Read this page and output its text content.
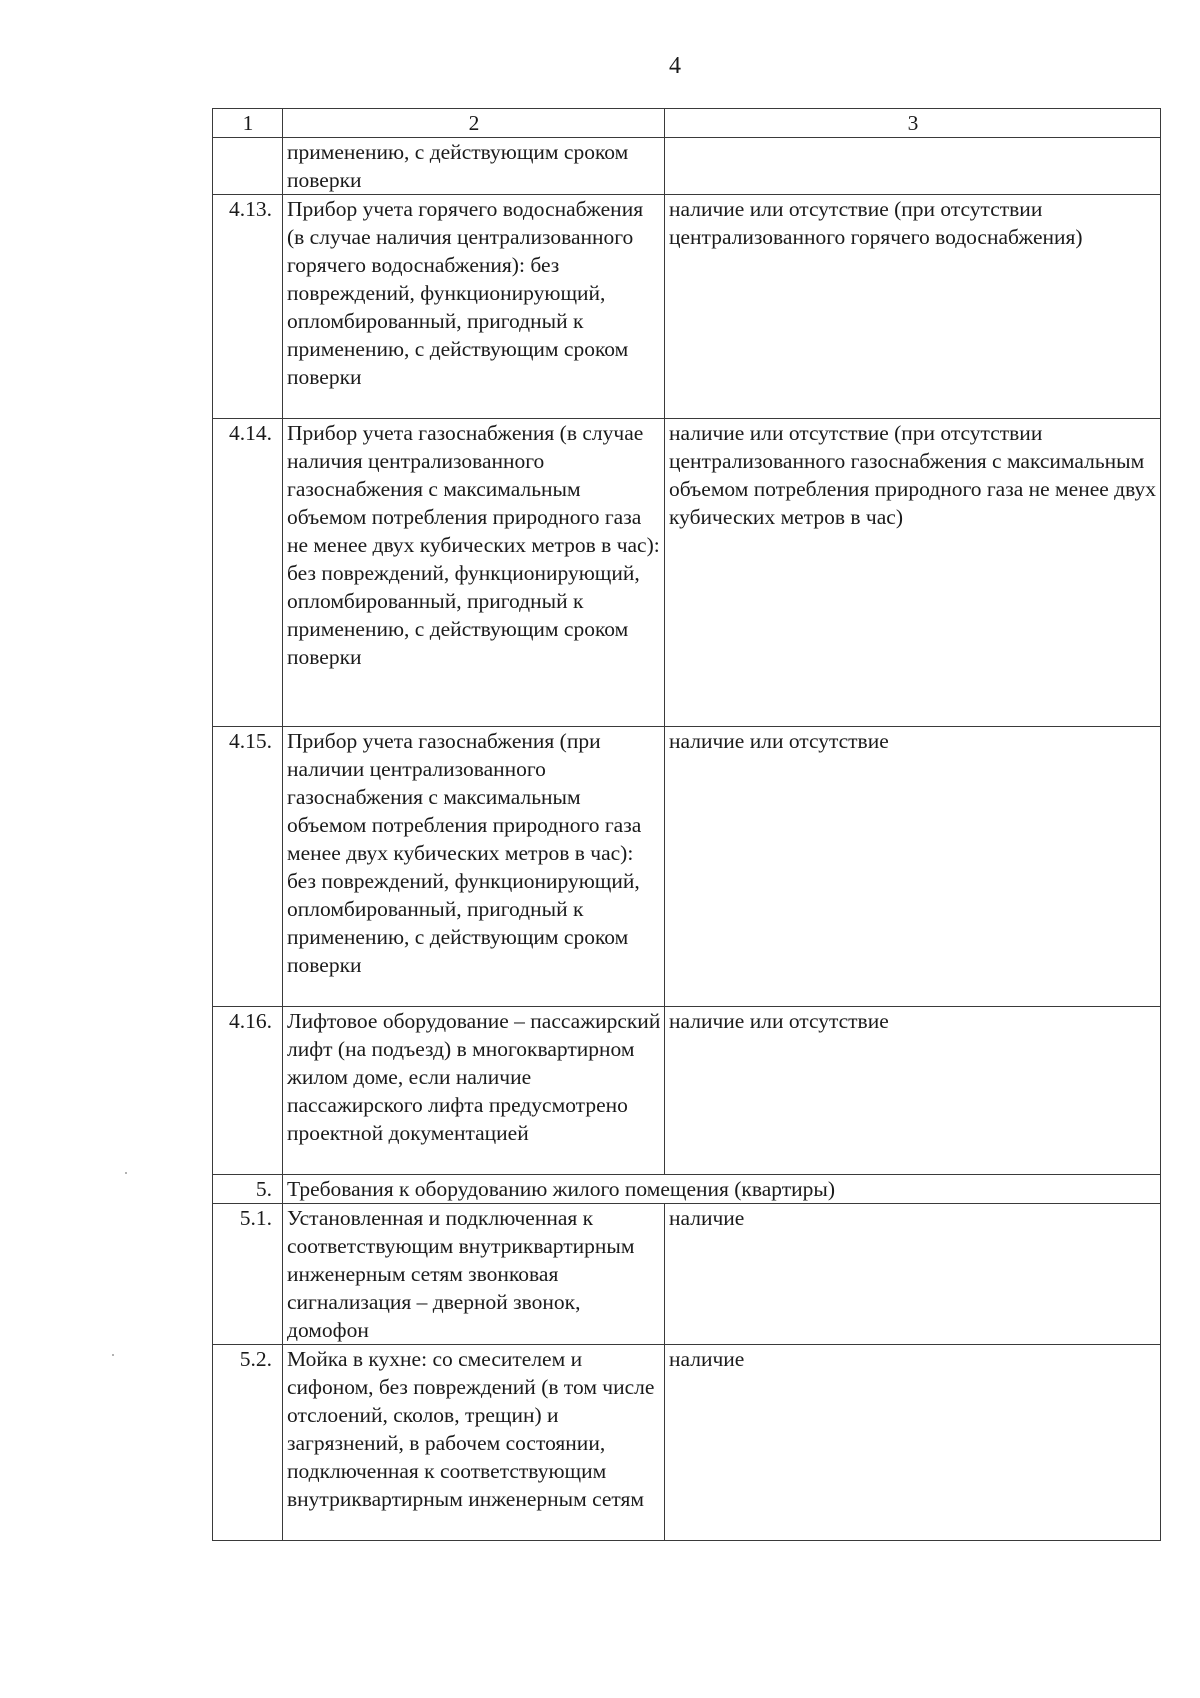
4
1	2	3
	применению, с действующим сроком поверки	
4.13.	Прибор учета горячего водоснабжения (в случае наличия централизованного горячего водоснабжения): без повреждений, функционирующий, опломбированный, пригодный к применению, с действующим сроком поверки	наличие или отсутствие (при отсутствии централизованного горячего водоснабжения)
4.14.	Прибор учета газоснабжения (в случае наличия централизованного газоснабжения с максимальным объемом потребления природного газа не менее двух кубических метров в час): без повреждений, функционирующий, опломбированный, пригодный к применению, с действующим сроком поверки	наличие или отсутствие (при отсутствии централизованного газоснабжения с максимальным объемом потребления природного газа не менее двух кубических метров в час)
4.15.	Прибор учета газоснабжения (при наличии централизованного газоснабжения с максимальным объемом потребления природного газа менее двух кубических метров в час): без повреждений, функционирующий, опломбированный, пригодный к применению, с действующим сроком поверки	наличие или отсутствие
4.16.	Лифтовое оборудование – пассажирский лифт (на подъезд) в многоквартирном жилом доме, если наличие пассажирского лифта предусмотрено проектной документацией	наличие или отсутствие
5.	Требования к оборудованию жилого помещения (квартиры)	
5.1.	Установленная и подключенная к соответствующим внутриквартирным инженерным сетям звонковая сигнализация – дверной звонок, домофон	наличие
5.2.	Мойка в кухне: со смесителем и сифоном, без повреждений (в том числе отслоений, сколов, трещин) и загрязнений, в рабочем состоянии, подключенная к соответствующим внутриквартирным инженерным сетям	наличие
